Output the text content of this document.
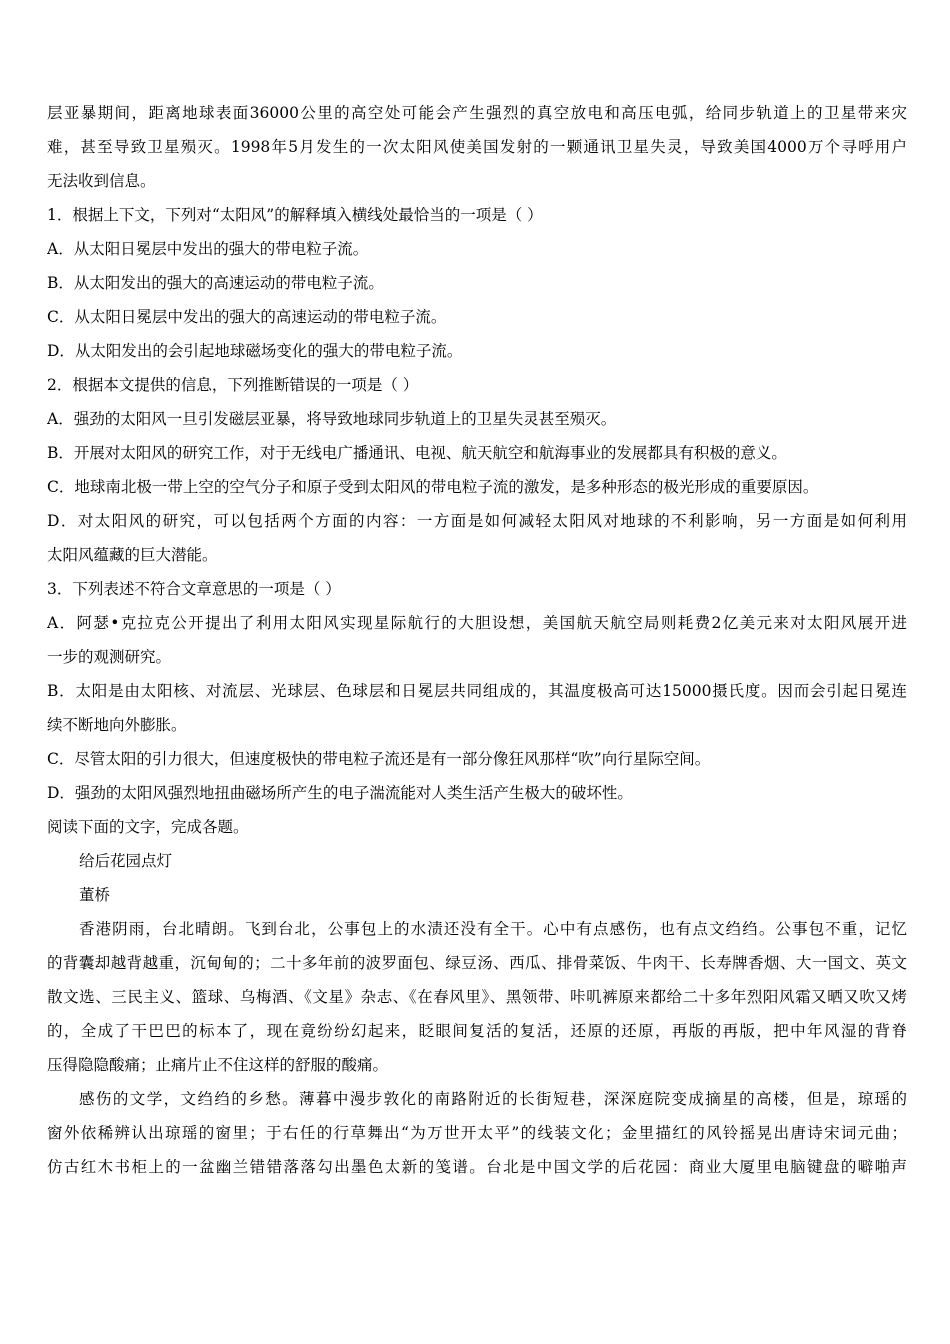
层亚暴期间，距离地球表面36000公里的高空处可能会产生强烈的真空放电和高压电弧，给同步轨道上的卫星带来灾
难，甚至导致卫星殒灭。1998年5月发生的一次太阳风使美国发射的一颗通讯卫星失灵，导致美国4000万个寻呼用户
无法收到信息。
1．根据上下文，下列对“太阳风”的解释填入横线处最恰当的一项是（ ）
A．从太阳日冕层中发出的强大的带电粒子流。
B．从太阳发出的强大的高速运动的带电粒子流。
C．从太阳日冕层中发出的强大的高速运动的带电粒子流。
D．从太阳发出的会引起地球磁场变化的强大的带电粒子流。
2．根据本文提供的信息，下列推断错误的一项是（ ）
A．强劲的太阳风一旦引发磁层亚暴，将导致地球同步轨道上的卫星失灵甚至殒灭。
B．开展对太阳风的研究工作，对于无线电广播通讯、电视、航天航空和航海事业的发展都具有积极的意义。
C．地球南北极一带上空的空气分子和原子受到太阳风的带电粒子流的激发，是多种形态的极光形成的重要原因。
D．对太阳风的研究，可以包括两个方面的内容：一方面是如何减轻太阳风对地球的不利影响，另一方面是如何利用
太阳风蕴藏的巨大潜能。
3．下列表述不符合文章意思的一项是（ ）
A．阿瑟•克拉克公开提出了利用太阳风实现星际航行的大胆设想，美国航天航空局则耗费2亿美元来对太阳风展开进
一步的观测研究。
B．太阳是由太阳核、对流层、光球层、色球层和日冕层共同组成的，其温度极高可达15000摄氏度。因而会引起日冕连
续不断地向外膨胀。
C．尽管太阳的引力很大，但速度极快的带电粒子流还是有一部分像狂风那样“吹”向行星际空间。
D．强劲的太阳风强烈地扭曲磁场所产生的电子湍流能对人类生活产生极大的破坏性。
阅读下面的文字，完成各题。
给后花园点灯
董桥
香港阴雨，台北晴朗。飞到台北，公事包上的水渍还没有全干。心中有点感伤，也有点文绉绉。公事包不重，记忆
的背囊却越背越重，沉甸甸的；二十多年前的波罗面包、绿豆汤、西瓜、排骨菜饭、牛肉干、长寿牌香烟、大一国文、英文
散文选、三民主义、篮球、乌梅酒、《文星》杂志、《在春风里》、黑领带、咔叽裤原来都给二十多年烈阳风霜又晒又吹又烤
的，全成了干巴巴的标本了，现在竟纷纷幻起来，眨眼间复活的复活，还原的还原，再版的再版，把中年风湿的背脊
压得隐隐酸痛；止痛片止不住这样的舒服的酸痛。
感伤的文学，文绉绉的乡愁。薄暮中漫步敦化的南路附近的长街短巷，深深庭院变成摘星的高楼，但是，琼瑶的
窗外依稀辨认出琼瑶的窗里；于右任的行草舞出“为万世开太平”的线装文化；金里描红的风铃摇晃出唐诗宋词元曲；
仿古红木书柜上的一盆幽兰错错落落勾出墨色太新的笺谱。台北是中国文学的后花园：商业大厦里电脑键盘的噼啪声
